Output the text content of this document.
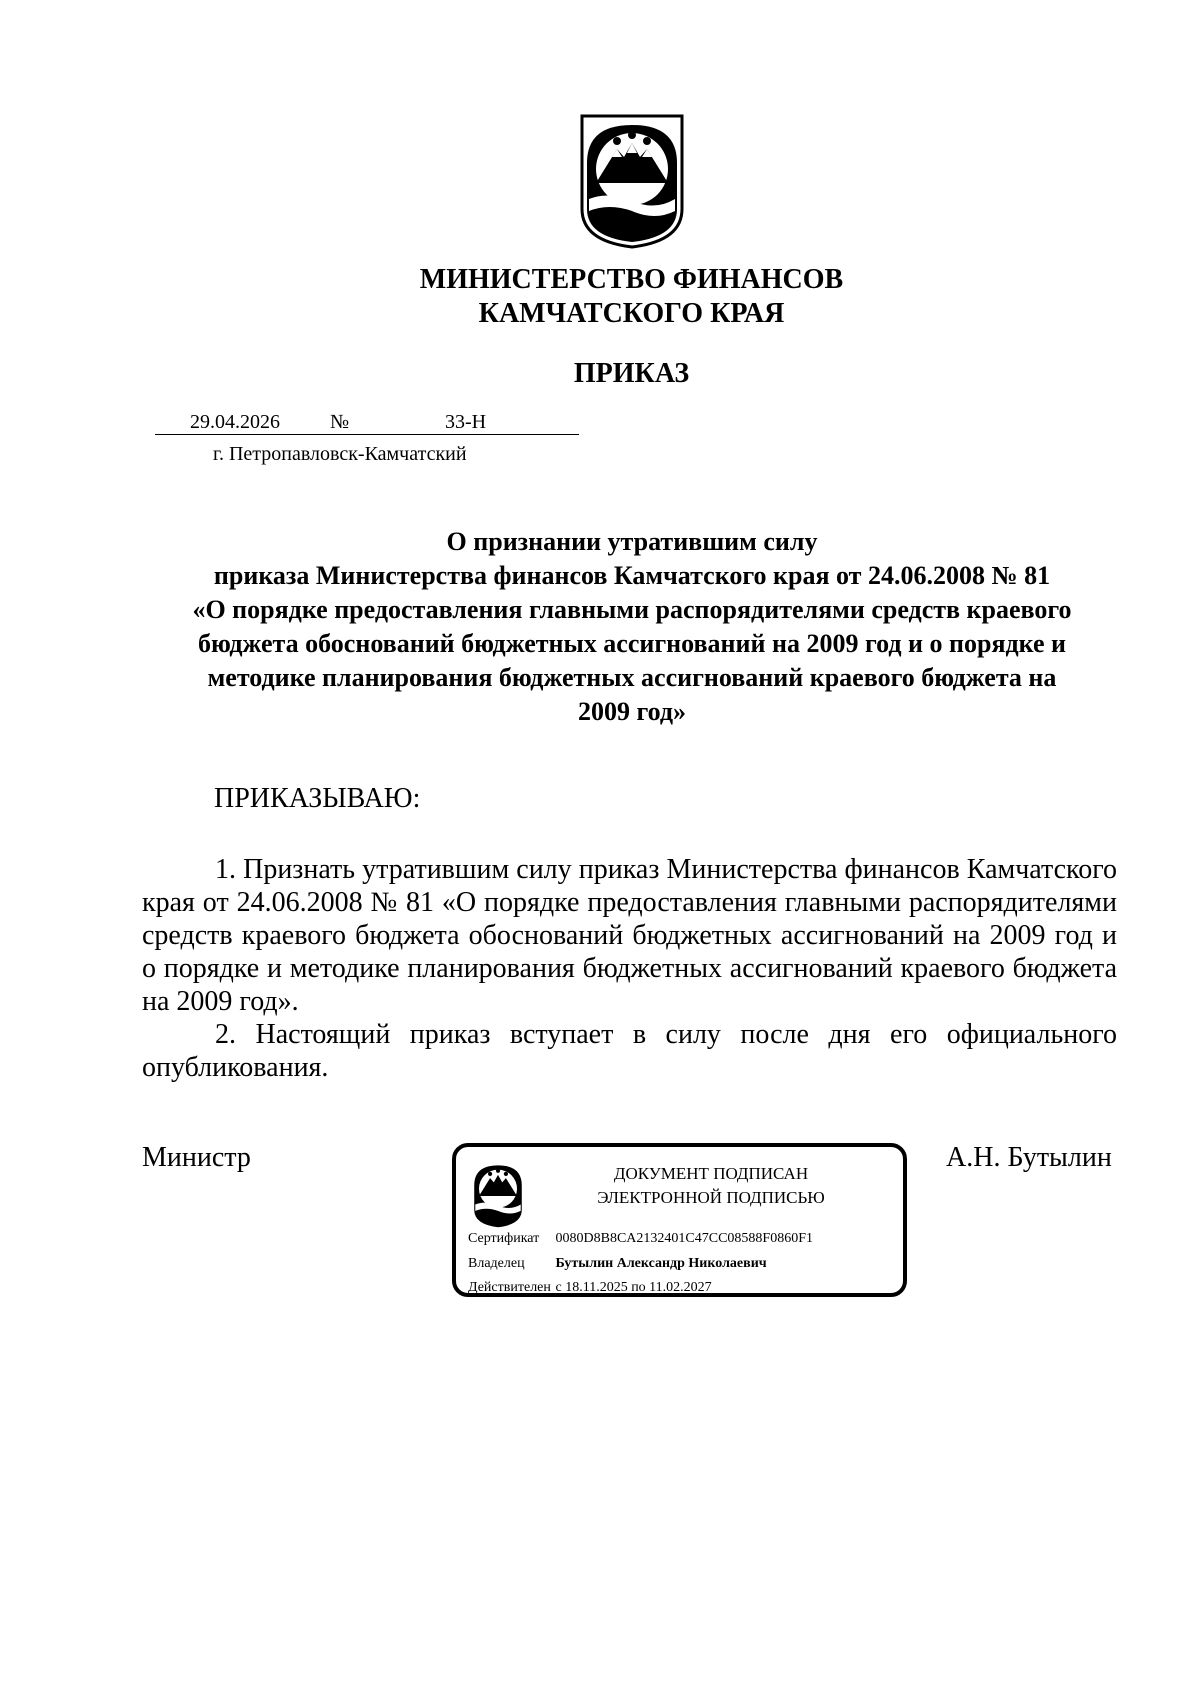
МИНИСТЕРСТВО ФИНАНСОВ
КАМЧАТСКОГО КРАЯ
ПРИКАЗ
29.04.2026	№	33-Н
г. Петропавловск-Камчатский
О признании утратившим силу
приказа Министерства финансов Камчатского края от 24.06.2008 № 81
«О порядке предоставления главными распорядителями средств краевого
бюджета обоснований бюджетных ассигнований на 2009 год и о порядке и
методике планирования бюджетных ассигнований краевого бюджета на
2009 год»
ПРИКАЗЫВАЮ:

1. Признать утратившим силу приказ Министерства финансов Камчатского края от 24.06.2008 № 81 «О порядке предоставления главными распорядителями средств краевого бюджета обоснований бюджетных ассигнований на 2009 год и о порядке и методике планирования бюджетных ассигнований краевого бюджета на 2009 год».

2. Настоящий приказ вступает в силу после дня его официального опубликования.

Министр	А.Н. Бутылин
ДОКУМЕНТ ПОДПИСАН
ЭЛЕКТРОННОЙ ПОДПИСЬЮ
Сертификат 0080D8B8CA2132401C47CC08588F0860F1
Владелец Бутылин Александр Николаевич
Действителен с 18.11.2025 по 11.02.2027
